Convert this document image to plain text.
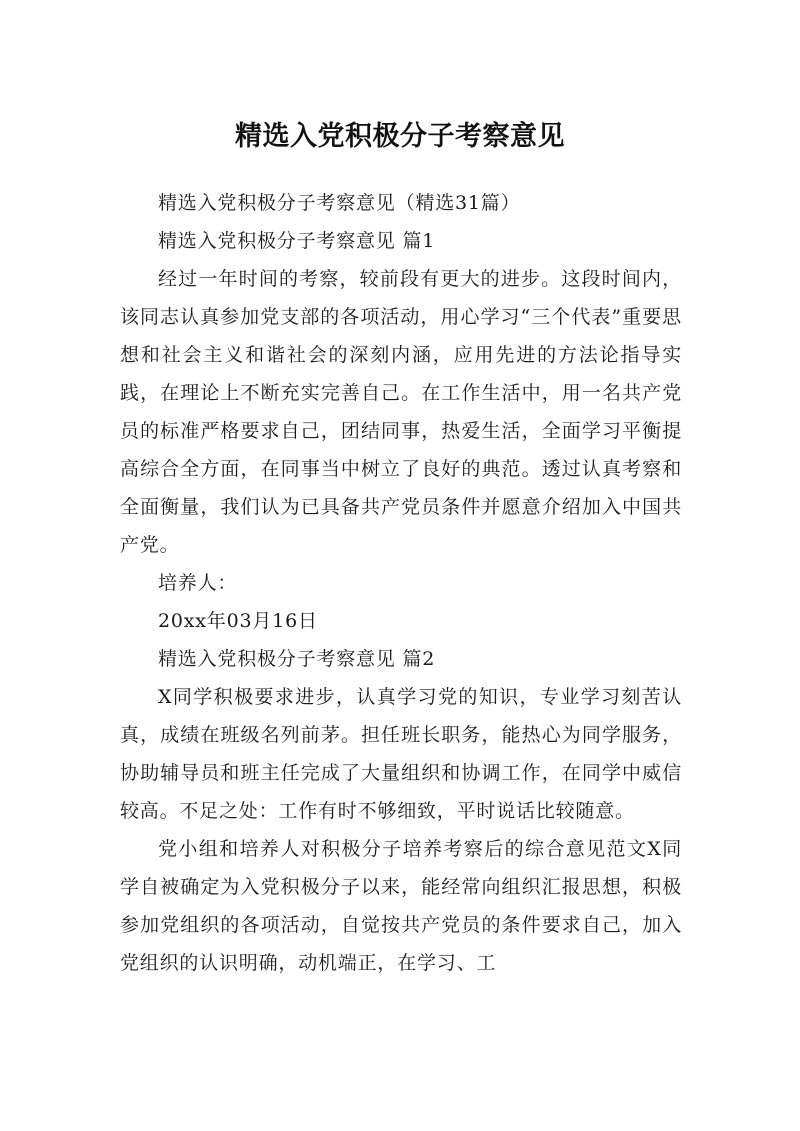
精选入党积极分子考察意见

精选入党积极分子考察意见（精选31篇）

精选入党积极分子考察意见 篇1

经过一年时间的考察，较前段有更大的进步。这段时间内，该同志认真参加党支部的各项活动，用心学习“三个代表”重要思想和社会主义和谐社会的深刻内涵，应用先进的方法论指导实践，在理论上不断充实完善自己。在工作生活中，用一名共产党员的标准严格要求自己，团结同事，热爱生活，全面学习平衡提高综合全方面，在同事当中树立了良好的典范。透过认真考察和全面衡量，我们认为已具备共产党员条件并愿意介绍加入中国共产党。

培养人：

20xx年03月16日

精选入党积极分子考察意见 篇2

X同学积极要求进步，认真学习党的知识，专业学习刻苦认真，成绩在班级名列前茅。担任班长职务，能热心为同学服务，协助辅导员和班主任完成了大量组织和协调工作，在同学中威信较高。不足之处：工作有时不够细致，平时说话比较随意。

党小组和培养人对积极分子培养考察后的综合意见范文X同学自被确定为入党积极分子以来，能经常向组织汇报思想，积极参加党组织的各项活动，自觉按共产党员的条件要求自己，加入党组织的认识明确，动机端正，在学习、工
